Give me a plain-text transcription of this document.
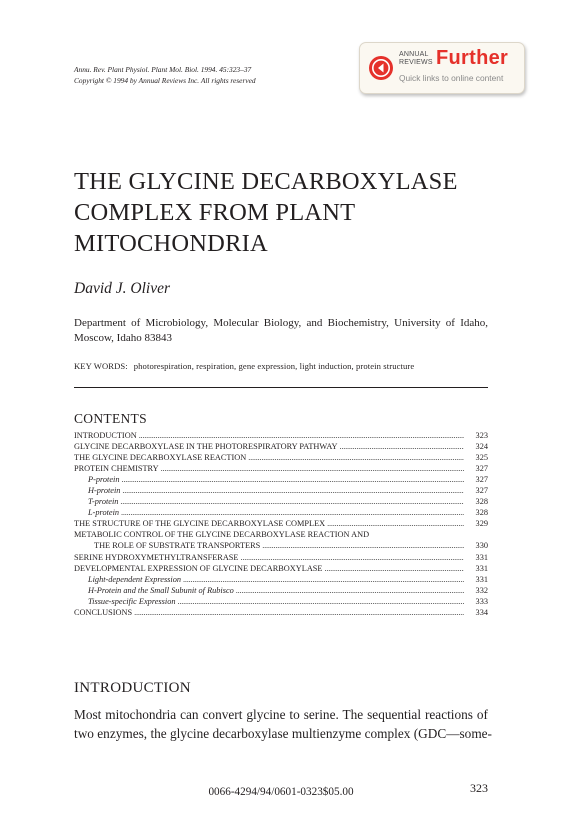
Annu. Rev. Plant Physiol. Plant Mol. Biol. 1994. 45:323–37
Copyright © 1994 by Annual Reviews Inc. All rights reserved
ANNUAL
REVIEWS Further
Quick links to online content
THE GLYCINE DECARBOXYLASE
COMPLEX FROM PLANT
MITOCHONDRIA
David J. Oliver
Department of Microbiology, Molecular Biology, and Biochemistry, University of Idaho, Moscow, Idaho 83843
KEY WORDS: photorespiration, respiration, gene expression, light induction, protein structure
CONTENTS
INTRODUCTION .....	323
GLYCINE DECARBOXYLASE IN THE PHOTORESPIRATORY PATHWAY .....	324
THE GLYCINE DECARBOXYLASE REACTION .....	325
PROTEIN CHEMISTRY .....	327
P-protein .....	327
H-protein .....	327
T-protein .....	328
L-protein .....	328
THE STRUCTURE OF THE GLYCINE DECARBOXYLASE COMPLEX .....	329
METABOLIC CONTROL OF THE GLYCINE DECARBOXYLASE REACTION AND
THE ROLE OF SUBSTRATE TRANSPORTERS .....	330
SERINE HYDROXYMETHYLTRANSFERASE .....	331
DEVELOPMENTAL EXPRESSION OF GLYCINE DECARBOXYLASE .....	331
Light-dependent Expression .....	331
H-Protein and the Small Subunit of Rubisco .....	332
Tissue-specific Expression .....	333
CONCLUSIONS .....	334
INTRODUCTION
Most mitochondria can convert glycine to serine. The sequential reactions of
two enzymes, the glycine decarboxylase multienzyme complex (GDC—some-
0066-4294/94/0601-0323$05.00	323
